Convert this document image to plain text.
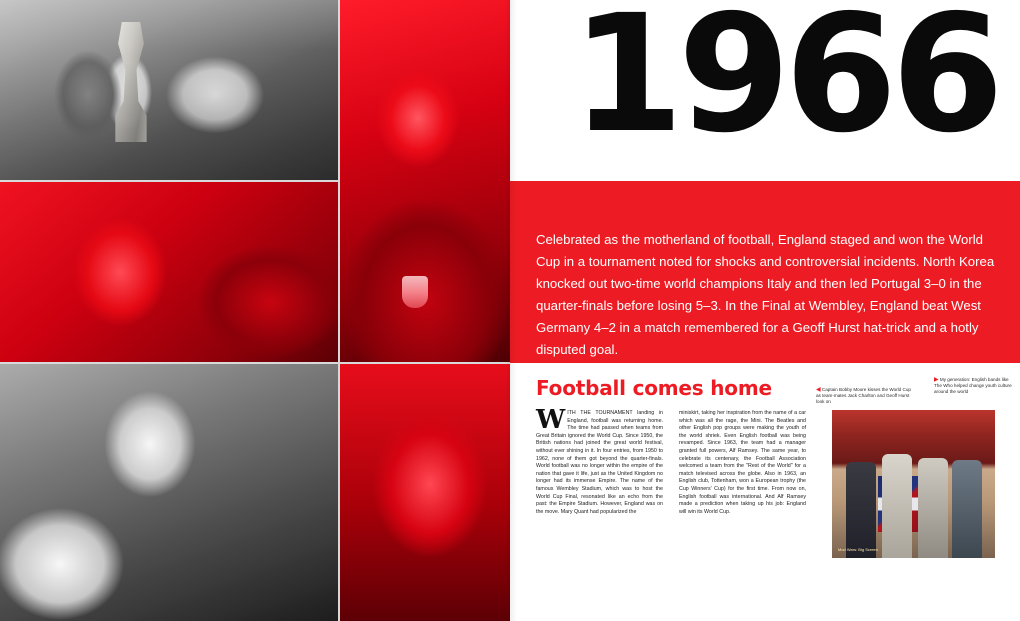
1966
Celebrated as the motherland of football, England staged and won the World Cup in a tournament noted for shocks and controversial incidents. North Korea knocked out two-time world champions Italy and then led Portugal 3–0 in the quarter-finals before losing 5–3. In the Final at Wembley, England beat West Germany 4–2 in a match remembered for a Geoff Hurst hat-trick and a hotly disputed goal.
Football comes home	◀ Captain Bobby Moore kisses the World Cup as team-mates Jack Charlton and Geoff Hurst look on
▶ My generation: English bands like The Who helped change youth culture around the world

WITH THE TOURNAMENT landing in England, football was returning home. The time had passed when teams from Great Britain ignored the World Cup. Since 1950, the British nations had joined the great world festival, without ever shining in it. In four entries, from 1950 to 1962, none of them got beyond the quarter-finals. World football was no longer within the empire of the nation that gave it life, just as the United Kingdom no longer had its immense Empire. The name of the famous Wembley Stadium, which was to host the World Cup Final, resonated like an echo from the past: the Empire Stadium. However, England was on the move. Mary Quant had popularized the

miniskirt, taking her inspiration from the name of a car which was all the rage, the Mini. The Beatles and other English pop groups were making the youth of the world shriek. Even English football was being revamped. Since 1963, the team had a manager granted full powers, Alf Ramsey. The same year, to celebrate its centenary, the Football Association welcomed a team from the "Rest of the World" for a match televised across the globe. Also in 1963, an English club, Tottenham, won a European trophy (the Cup Winners' Cup) for the first time. From now on, English football was international. And Alf Ramsey made a prediction when taking up his job: England will win its World Cup.

Mod Wars: Big Screen
